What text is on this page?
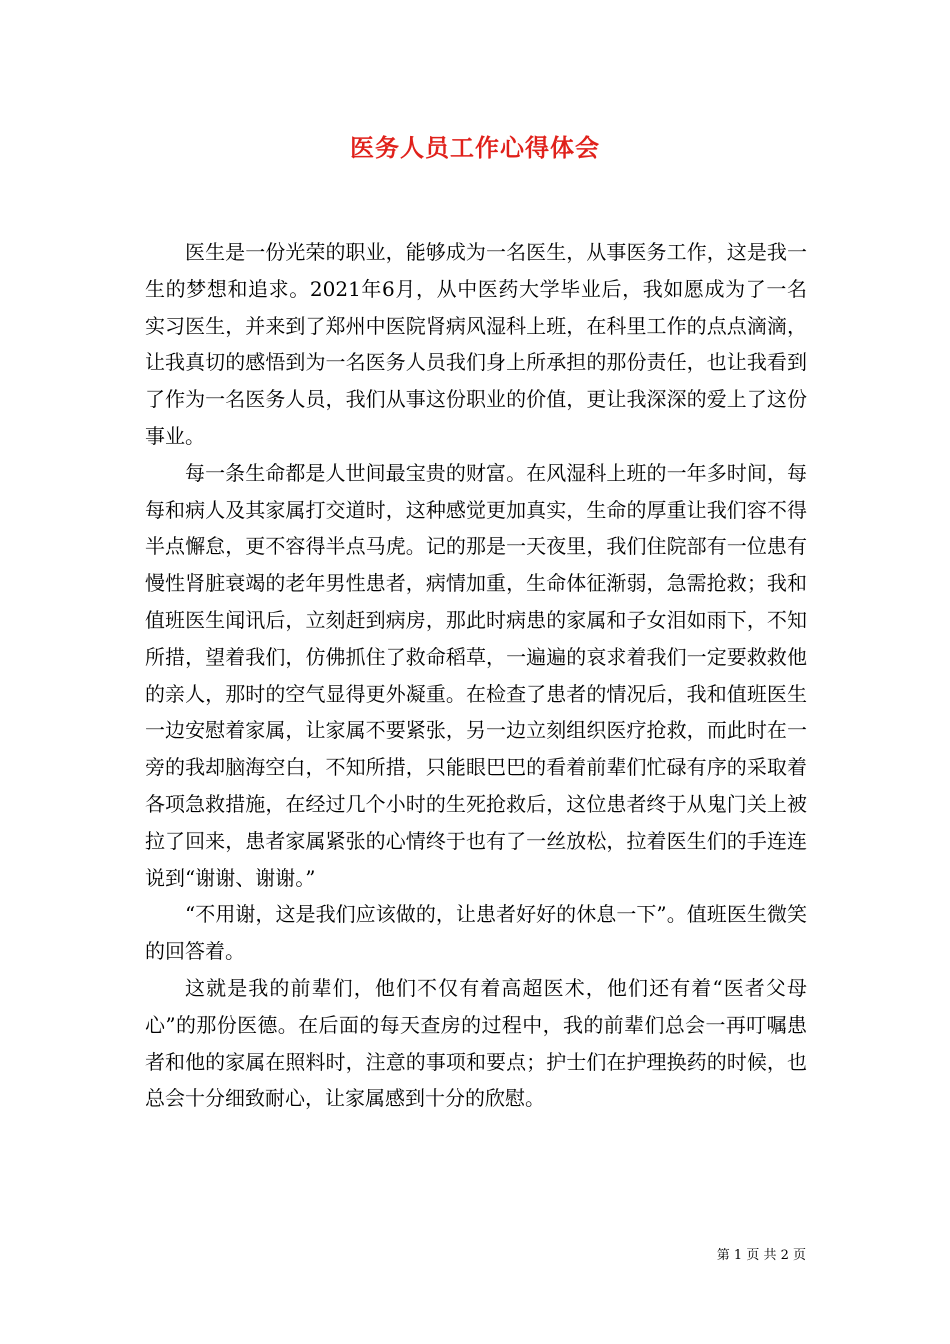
医务人员工作心得体会

医生是一份光荣的职业，能够成为一名医生，从事医务工作，这是我一生的梦想和追求。2021年6月，从中医药大学毕业后，我如愿成为了一名实习医生，并来到了郑州中医院肾病风湿科上班，在科里工作的点点滴滴，让我真切的感悟到为一名医务人员我们身上所承担的那份责任，也让我看到了作为一名医务人员，我们从事这份职业的价值，更让我深深的爱上了这份事业。

每一条生命都是人世间最宝贵的财富。在风湿科上班的一年多时间，每每和病人及其家属打交道时，这种感觉更加真实，生命的厚重让我们容不得半点懈怠，更不容得半点马虎。记的那是一天夜里，我们住院部有一位患有慢性肾脏衰竭的老年男性患者，病情加重，生命体征渐弱，急需抢救；我和值班医生闻讯后，立刻赶到病房，那此时病患的家属和子女泪如雨下，不知所措，望着我们，仿佛抓住了救命稻草，一遍遍的哀求着我们一定要救救他的亲人，那时的空气显得更外凝重。在检查了患者的情况后，我和值班医生一边安慰着家属，让家属不要紧张，另一边立刻组织医疗抢救，而此时在一旁的我却脑海空白，不知所措，只能眼巴巴的看着前辈们忙碌有序的采取着各项急救措施，在经过几个小时的生死抢救后，这位患者终于从鬼门关上被拉了回来，患者家属紧张的心情终于也有了一丝放松，拉着医生们的手连连说到“谢谢、谢谢。”

“不用谢，这是我们应该做的，让患者好好的休息一下”。值班医生微笑的回答着。

这就是我的前辈们，他们不仅有着高超医术，他们还有着“医者父母心”的那份医德。在后面的每天查房的过程中，我的前辈们总会一再叮嘱患者和他的家属在照料时，注意的事项和要点；护士们在护理换药的时候，也总会十分细致耐心，让家属感到十分的欣慰。

第 1 页 共 2 页
